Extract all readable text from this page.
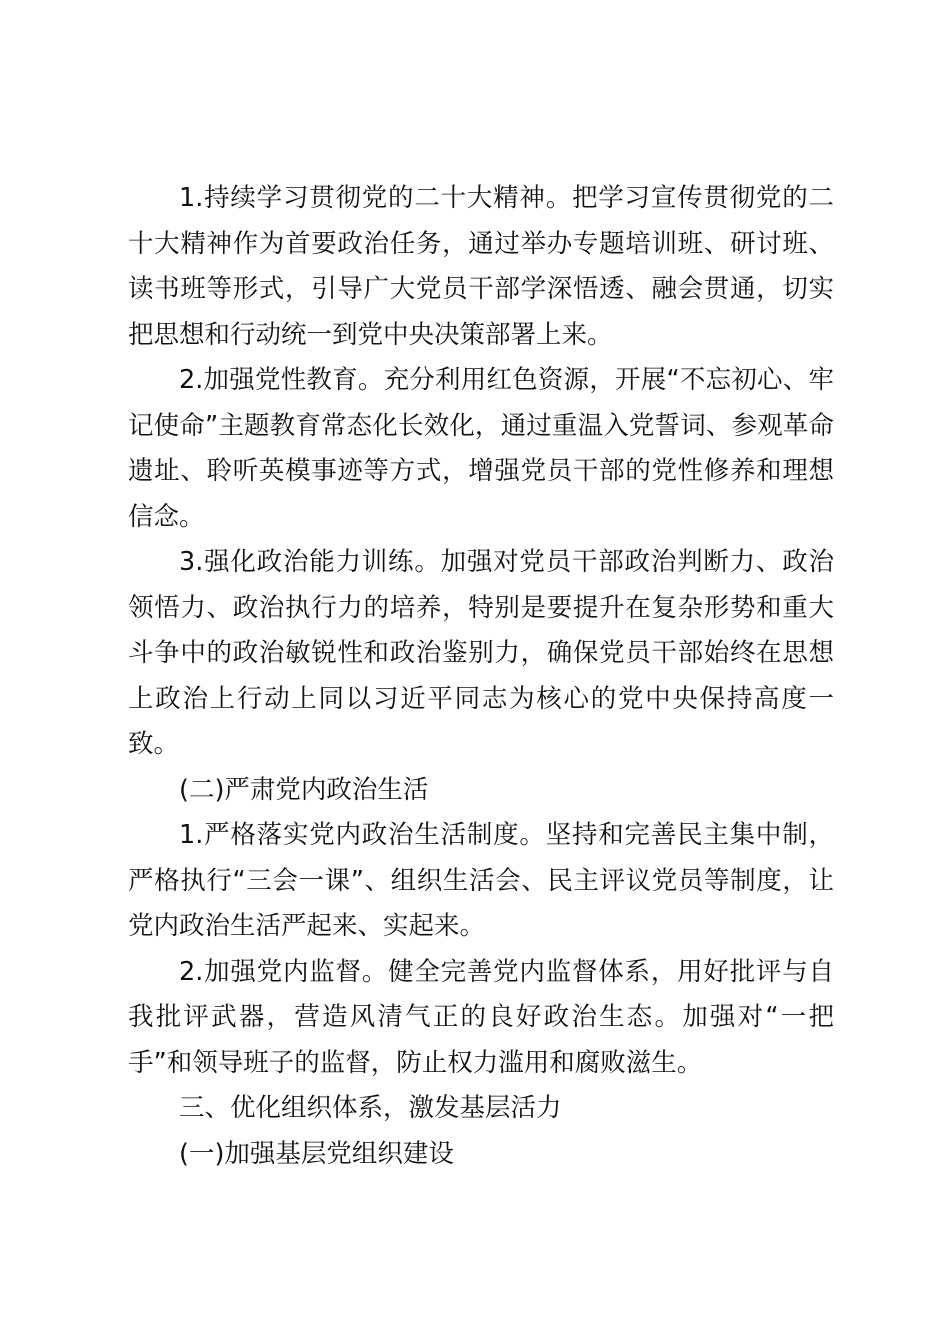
1.持续学习贯彻党的二十大精神。把学习宣传贯彻党的二十大精神作为首要政治任务，通过举办专题培训班、研讨班、读书班等形式，引导广大党员干部学深悟透、融会贯通，切实把思想和行动统一到党中央决策部署上来。

2.加强党性教育。充分利用红色资源，开展“不忘初心、牢记使命”主题教育常态化长效化，通过重温入党誓词、参观革命遗址、聆听英模事迹等方式，增强党员干部的党性修养和理想信念。

3.强化政治能力训练。加强对党员干部政治判断力、政治领悟力、政治执行力的培养，特别是要提升在复杂形势和重大斗争中的政治敏锐性和政治鉴别力，确保党员干部始终在思想上政治上行动上同以习近平同志为核心的党中央保持高度一致。

(二)严肃党内政治生活

1.严格落实党内政治生活制度。坚持和完善民主集中制，严格执行“三会一课”、组织生活会、民主评议党员等制度，让党内政治生活严起来、实起来。

2.加强党内监督。健全完善党内监督体系，用好批评与自我批评武器，营造风清气正的良好政治生态。加强对“一把手”和领导班子的监督，防止权力滥用和腐败滋生。

三、优化组织体系，激发基层活力

(一)加强基层党组织建设
